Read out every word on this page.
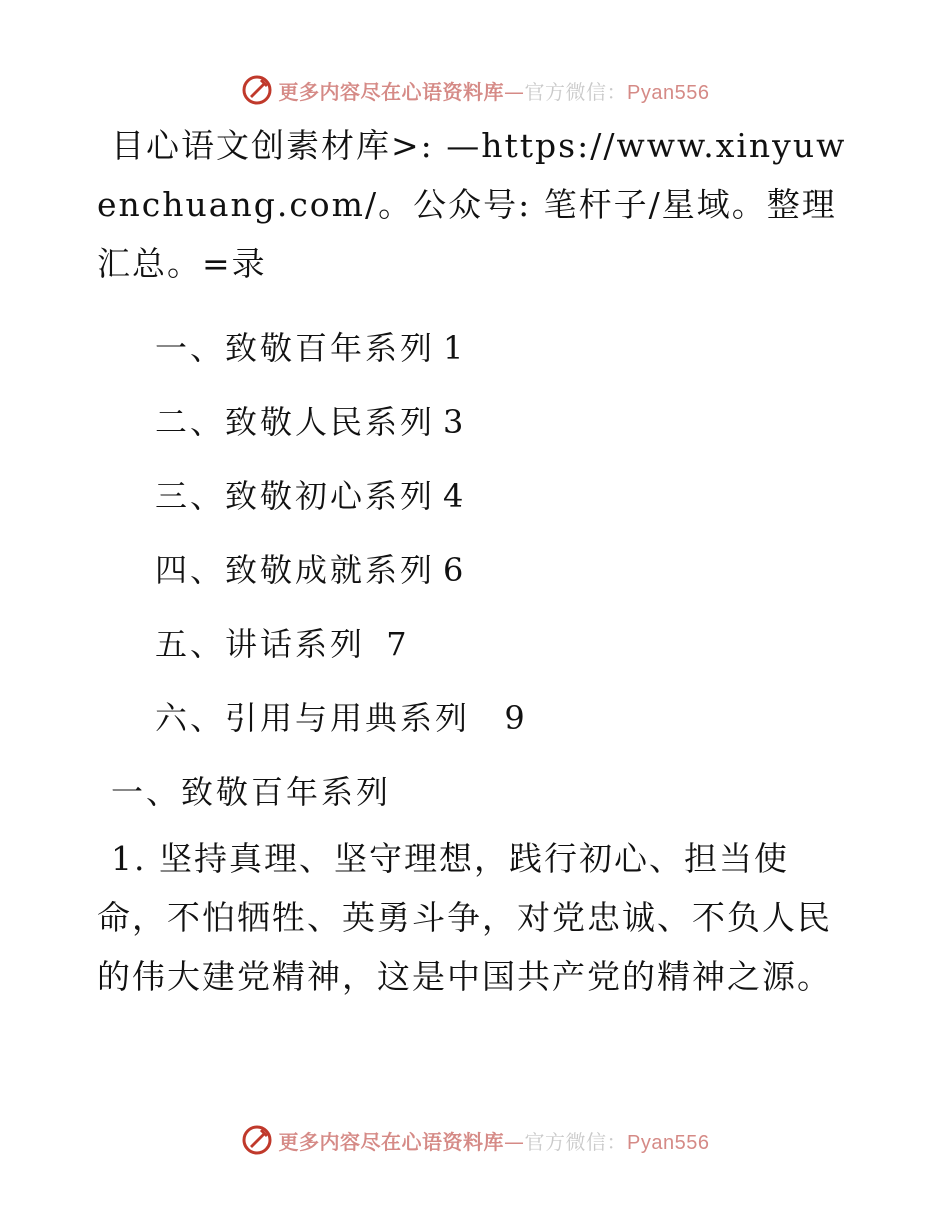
更多内容尽在心语资料库—官方微信：Pyan556

目心语文创素材库>: —https://www.xinyuwenchuang.com/。公众号: 笔杆子/星域。整理汇总。=录

一、致敬百年系列 1
二、致敬人民系列 3
三、致敬初心系列 4
四、致敬成就系列 6
五、讲话系列 7
六、引用与用典系列  9
一、致敬百年系列

1. 坚持真理、坚守理想，践行初心、担当使命，不怕牺牲、英勇斗争，对党忠诚、不负人民的伟大建党精神，这是中国共产党的精神之源。

更多内容尽在心语资料库—官方微信：Pyan556
